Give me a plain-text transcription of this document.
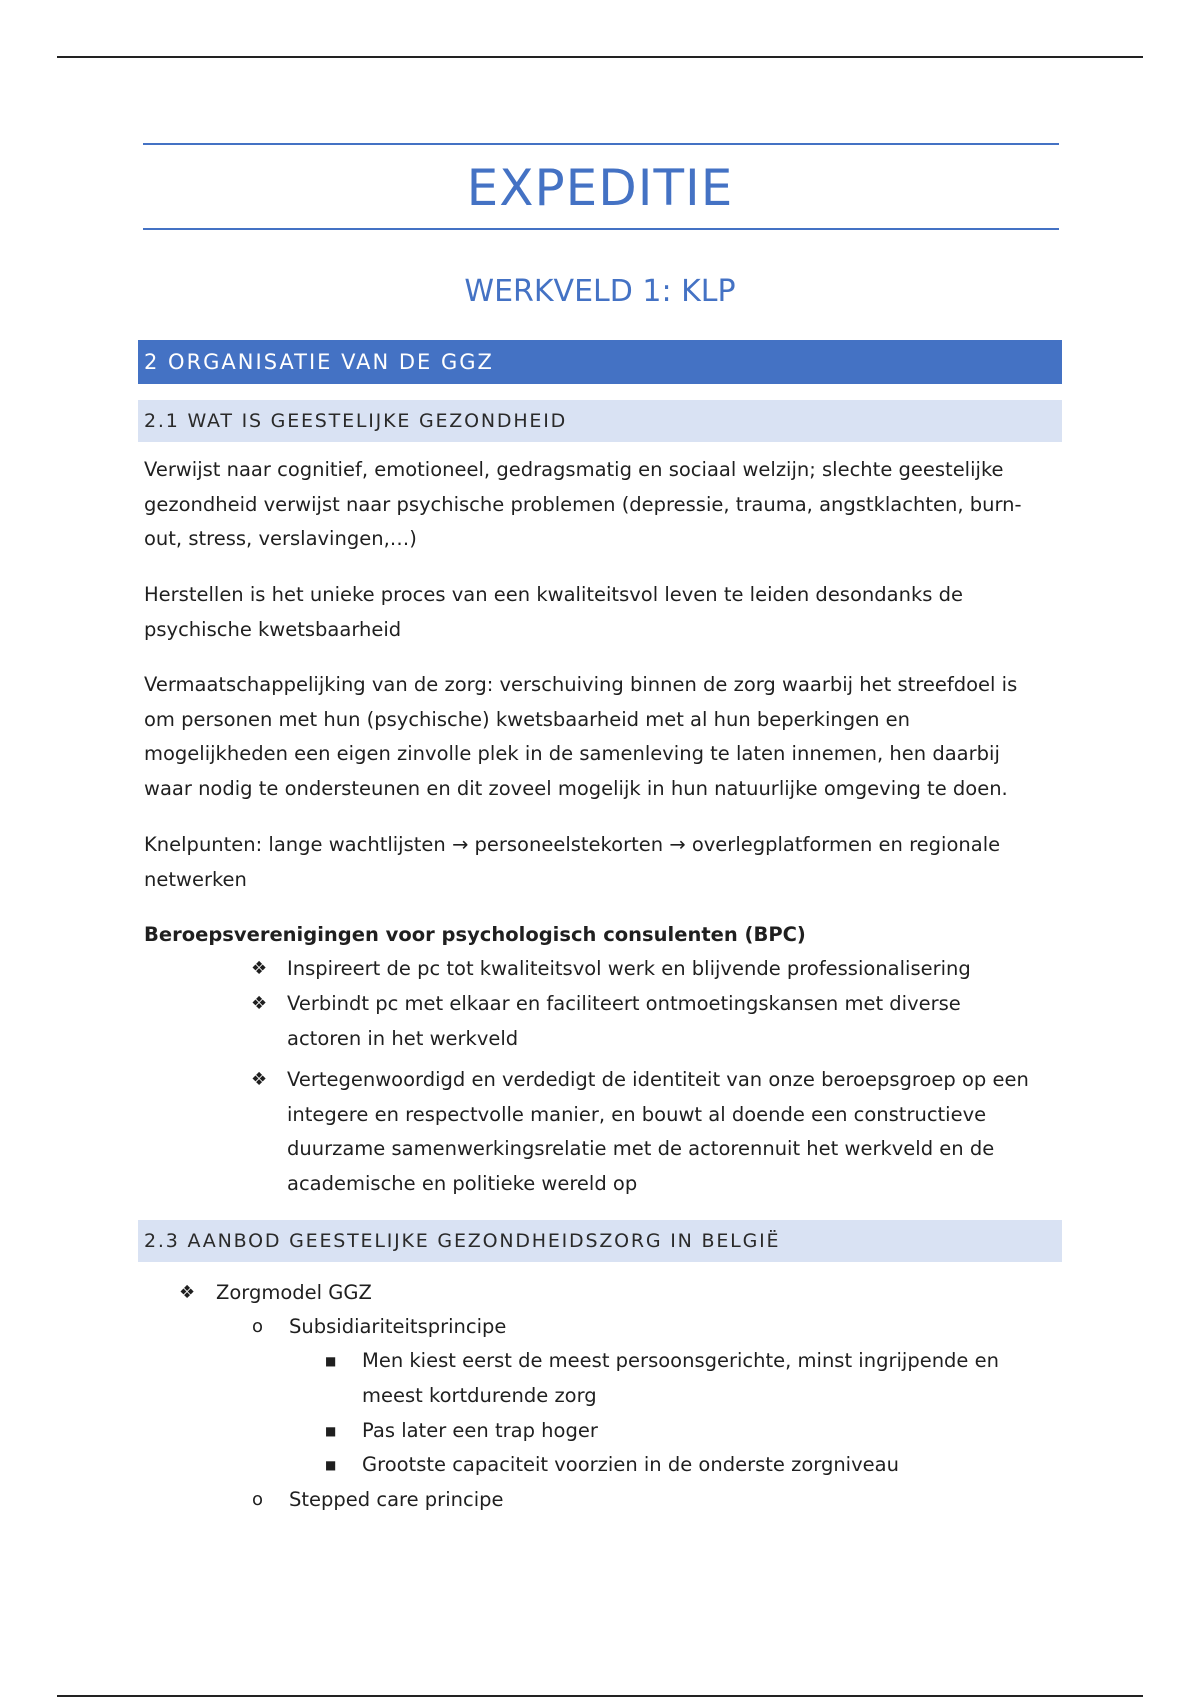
EXPEDITIE
WERKVELD 1: KLP
2 ORGANISATIE VAN DE GGZ
2.1 WAT IS GEESTELIJKE GEZONDHEID

Verwijst naar cognitief, emotioneel, gedragsmatig en sociaal welzijn; slechte geestelijke gezondheid verwijst naar psychische problemen (depressie, trauma, angstklachten, burn-out, stress, verslavingen,…)

Herstellen is het unieke proces van een kwaliteitsvol leven te leiden desondanks de psychische kwetsbaarheid

Vermaatschappelijking van de zorg: verschuiving binnen de zorg waarbij het streefdoel is om personen met hun (psychische) kwetsbaarheid met al hun beperkingen en mogelijkheden een eigen zinvolle plek in de samenleving te laten innemen, hen daarbij waar nodig te ondersteunen en dit zoveel mogelijk in hun natuurlijke omgeving te doen.

Knelpunten: lange wachtlijsten → personeelstekorten → overlegplatformen en regionale netwerken

Beroepsverenigingen voor psychologisch consulenten (BPC)

❖ Inspireert de pc tot kwaliteitsvol werk en blijvende professionalisering
❖ Verbindt pc met elkaar en faciliteert ontmoetingskansen met diverse actoren in het werkveld
❖ Vertegenwoordigd en verdedigt de identiteit van onze beroepsgroep op een integere en respectvolle manier, en bouwt al doende een constructieve duurzame samenwerkingsrelatie met de actorennuit het werkveld en de academische en politieke wereld op
2.3 AANBOD GEESTELIJKE GEZONDHEIDSZORG IN BELGIË
❖ Zorgmodel GGZ
o Subsidiariteitsprincipe
■ Men kiest eerst de meest persoonsgerichte, minst ingrijpende en meest kortdurende zorg
■ Pas later een trap hoger
■ Grootste capaciteit voorzien in de onderste zorgniveau
o Stepped care principe
